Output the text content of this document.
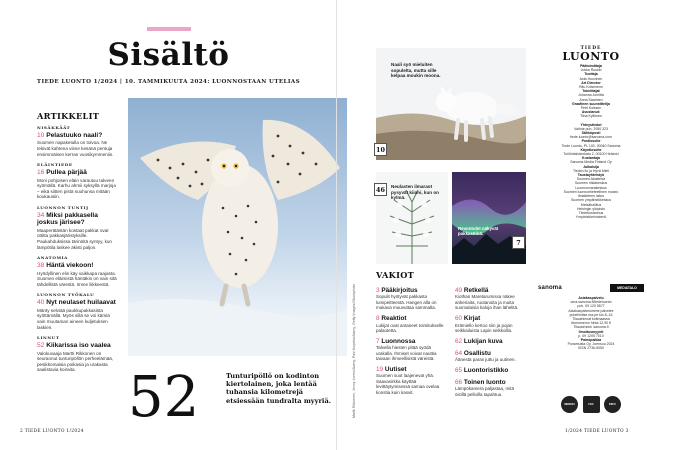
Sisältö
TIEDE LUONTO 1/2024 | 10. TAMMIKUUTA 2024: LUONNOSTAAN UTELIAS
ARTIKKELIT
NISÄKKÄÄT
10 Pelastuuko naali?
Suomen napaketulla on toivoa. Ne tekivät kahtena viime kesänä pentuja ensimmäisen kerran vuosikymmeniin.
ELÄINTIEDE
16 Pullea pärjää
Moni pohjoisen eläin varautuu talveen syömällä. Karhu ahmii syksyllä marjoja – eikä siitten pistä suuhunsa mitään koukausiin.
LUONNON TUNTIJ
34 Miksi pakkasella joskus järiseе?
Maaperätästän kostaat pakkat ovat ottitta pakkasjäristyksille. Paukahduksissa tärinöitä syntyy, kun lämpötila laskee äkisti paljon.
ANATOMIA
38 Häntä viekoon!
Hyödyllinen elin käy vaikkapa raajasta. Suomen eläimistä häntäkin on vain sitä tähdellistä värestä. Imme liikkeestä.
LUONNON TYÖKALU
40 Nyt neulaset huilaavat
Mänty selviää paukkupakkasista syöttämällä. Myös sillä se voi kärsiä vain muutaman aineen kuljetuksen laskien.
LINNUT
52 Kiikarissa iso vaalea
Valokuvaaja Martti Rikkonen on seurannut tunturipöllön perheelämää, pesikkomaisia poikasia ja urakasta saalistavia koiraita. 52	Tunturipöllö on kodinton kiertolainen, joka lentää tuhansia kilometrejä etsiessään tundralta myyriä.
2 TIEDE LUONTO 1/2024
Martti Rikkonen, Jenny Jones/Alamy, Pasi Korpela/Alamy, Getty Images/iStockphoto
Naali syö mieluiten sopulelta, mutta sille kelpaa moukin moona.
10
Neulasten ilmaraot pysyvät kiinni, kun on kylmä.
46
Revontulet näkyvät pakkasöinä.
7
VAKIOT
3 Pääkirjoitus
Sopulit hyötyvät pakkasta lumipeitteestä. Hangen alla on mukava muuvuttaa sammalta.
8 Reaktiot
Lukijat ovat antaneet toimitukselle palautetta.
7 Luonnossa
Talvella hiesten pitää syödä urakalla. Ihmiset voivat nauttia taivaan ihmeellisistä väreistä.
19 Uutiset
Suomen suot laajenevat yhä. Saavasirkka käyttää levittäytymisessä samaa ovelaa konstia kuin kasvit.
49 Retkellä
Kiothan Maretarumissa näkee ankeriaita, ruutanoita ja muita suomalaisia kaloja ihan lähelitä.
60 Kirjat
Erämiello kertoo siin ja pojan seikkailuista Lapin seikkoilla.
62 Lukijan kuva
64 Osallistu
Äänestä paras juttu ja uutinen.
65 Luontoristikko
66 Toinen luonto
Lämpökamera paljastaa, mitä öisillä pelloilla tapahtuu.
TIEDE
LUONTO
Päätoimittaja
Jukka Ruukki
Tuottaja
Asta Huovinen
Art Director
Ritu Koisenenn
Toimittajat
Johanna Jumitta
Anna Saarinen
Graafinen suunnittelija
Petri Kolssen
Avustanut:
Tiina Kyllönen
Yhteystiedot
Vaihde puh. 2050 323
Sähköposti
tiede.luonto@sanoma.com
Postiosoite
Tiede Luonto, PL 100, 00040 Sanoma
Käyntiosoite
Toölönlahdenkatu 2, 00100 Helsinki
Kustantaja
Sanoma Media Finland Oy
Julkaisija
Tiedon Ilo ja Hyvä Mieli
Taustayhteistyö
Suomen Akatemia
Suomen riistakeskus
Luonnonvarakeskus
Suomen luonnontieteellinen museo
Ilmatieteen laitos
Suomen ympäristökeskus
Metsähallitus
Helsingin yliopisto
Tiedekustannus
Ympäristöministeriö
sanoma	MEDIATALO
Asiakaspalvelu
oma.sanoma.fi/tiedeluonto
puh. 09 120 5577
Asiakaspalvelumme palvelee
puhelimitse ma-pe klo 8–16
Tilaushinnat kotimaassa
Irtonumeron hinta 12,90 €
Tilausehdot: sanoma.fi
Ilmoitusmyynti
p. 09 1205 7010
Painopaikka
Punamusta Oy, Joensuu 2024
ISSN 2736-5050
MERKKI	FSC	PEFC
1/2024 TIEDE LUONTO 3
